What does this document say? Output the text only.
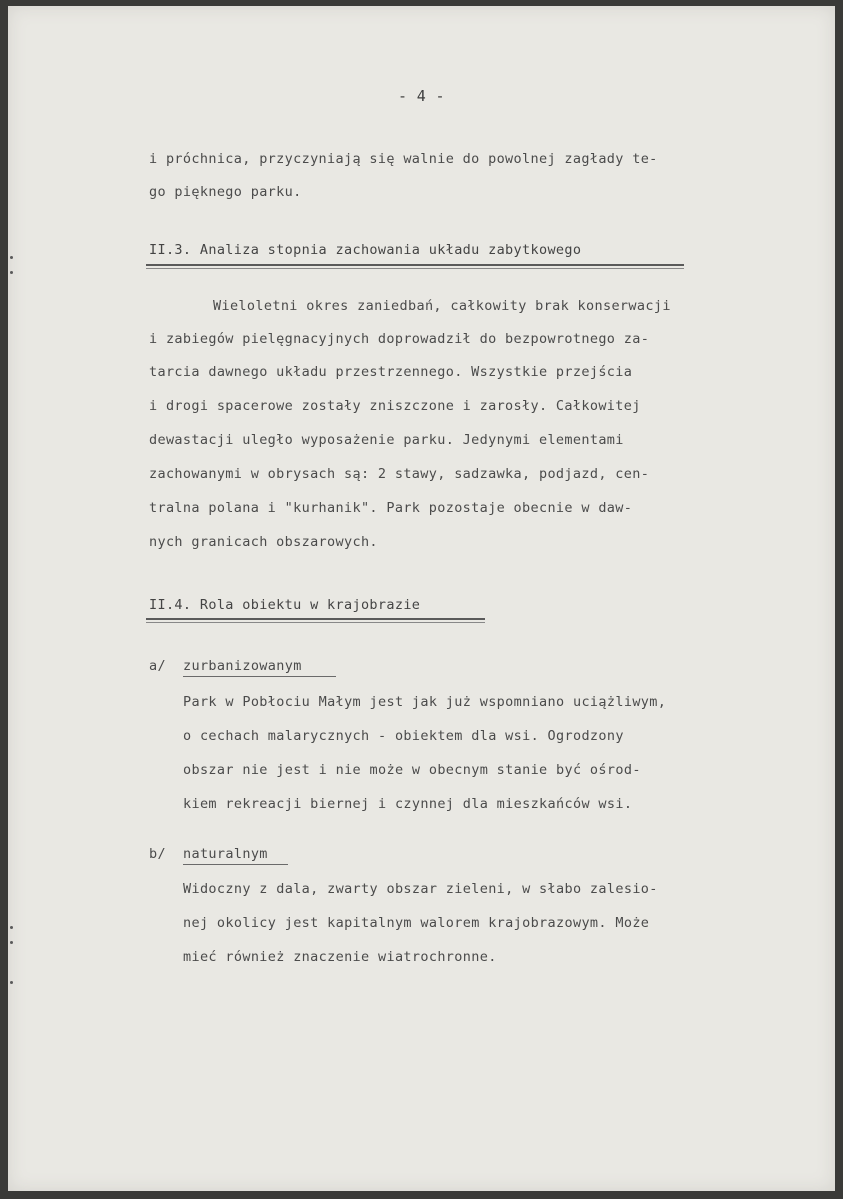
- 4 -
i próchnica, przyczyniają się walnie do powolnej zagłady te-
go pięknego parku.
II.3. Analiza stopnia zachowania układu zabytkowego
Wieloletni okres zaniedbań, całkowity brak konserwacji
i zabiegów pielęgnacyjnych doprowadził do bezpowrotnego za-
tarcia dawnego układu przestrzennego. Wszystkie przejścia
i drogi spacerowe zostały zniszczone i zarosły. Całkowitej
dewastacji uległo wyposażenie parku. Jedynymi elementami
zachowanymi w obrysach są: 2 stawy, sadzawka, podjazd, cen-
tralna polana i "kurhanik". Park pozostaje obecnie w daw-
nych granicach obszarowych.
II.4. Rola obiektu w krajobrazie
a/ zurbanizowanym
Park w Pobłociu Małym jest jak już wspomniano uciążliwym,
o cechach malarycznych - obiektem dla wsi. Ogrodzony
obszar nie jest i nie może w obecnym stanie być ośrod-
kiem rekreacji biernej i czynnej dla mieszkańców wsi.
b/ naturalnym
Widoczny z dala, zwarty obszar zieleni, w słabo zalesio-
nej okolicy jest kapitalnym walorem krajobrazowym. Może
mieć również znaczenie wiatrochronne.
